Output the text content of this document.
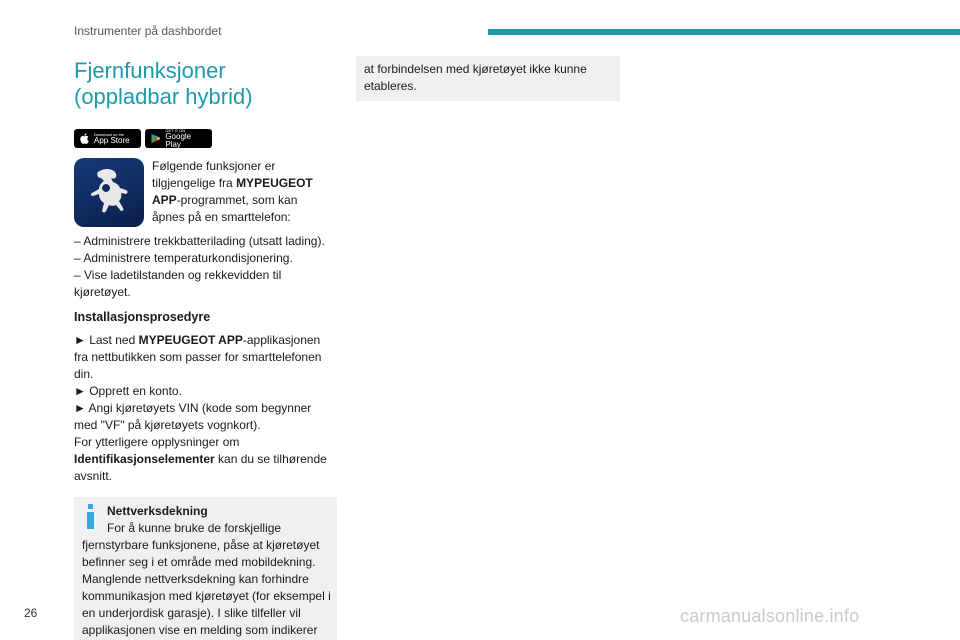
Instrumenter på dashbordet
Fjernfunksjoner
(oppladbar hybrid)
Download on the
App Store
GET IT ON
Google Play

Følgende funksjoner er tilgjengelige fra MYPEUGEOT APP-programmet, som kan åpnes på en smarttelefon:

– Administrere trekkbatterilading (utsatt lading).
– Administrere temperaturkondisjonering.
– Vise ladetilstanden og rekkevidden til kjøretøyet.
Installasjonsprosedyre

► Last ned MYPEUGEOT APP-applikasjonen fra nettbutikken som passer for smarttelefonen din.

► Opprett en konto.

► Angi kjøretøyets VIN (kode som begynner med "VF" på kjøretøyets vognkort).

For ytterligere opplysninger om Identifikasjonselementer kan du se tilhørende avsnitt.

Nettverksdekning

For å kunne bruke de forskjellige fjernstyrbare funksjonene, påse at kjøretøyet befinner seg i et område med mobildekning.

Manglende nettverksdekning kan forhindre kommunikasjon med kjøretøyet (for eksempel i en underjordisk garasje). I slike tilfeller vil applikasjonen vise en melding som indikerer

at forbindelsen med kjøretøyet ikke kunne etableres.

26	carmanualsonline.info
